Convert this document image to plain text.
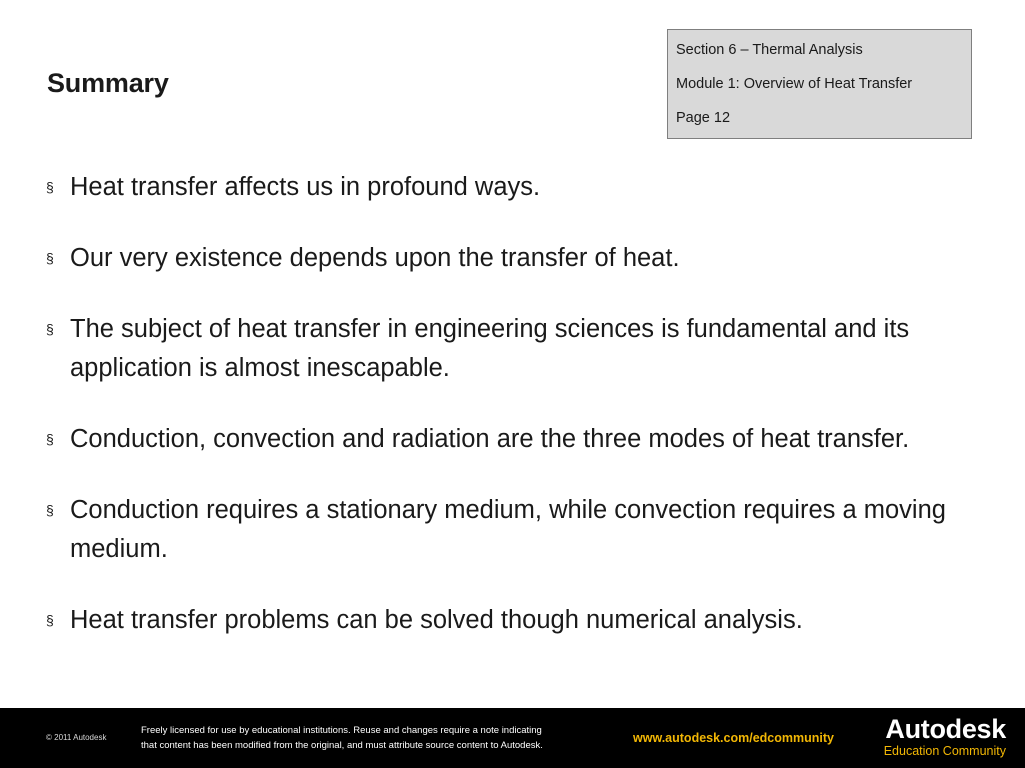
Summary
Section 6 – Thermal Analysis
Module 1: Overview of Heat Transfer
Page 12
§ Heat transfer affects us in profound ways.
§ Our very existence depends upon the transfer of heat.
§ The subject of heat transfer in engineering sciences is fundamental and its application is almost inescapable.
§ Conduction, convection and radiation are the three modes of heat transfer.
§ Conduction requires a stationary medium, while convection requires a moving medium.
§ Heat transfer problems can be solved though numerical analysis.
© 2011 Autodesk
Freely licensed for use by educational institutions. Reuse and changes require a note indicating
that content has been modified from the original, and must attribute source content to Autodesk.
www.autodesk.com/edcommunity	Autodesk
Education Community
